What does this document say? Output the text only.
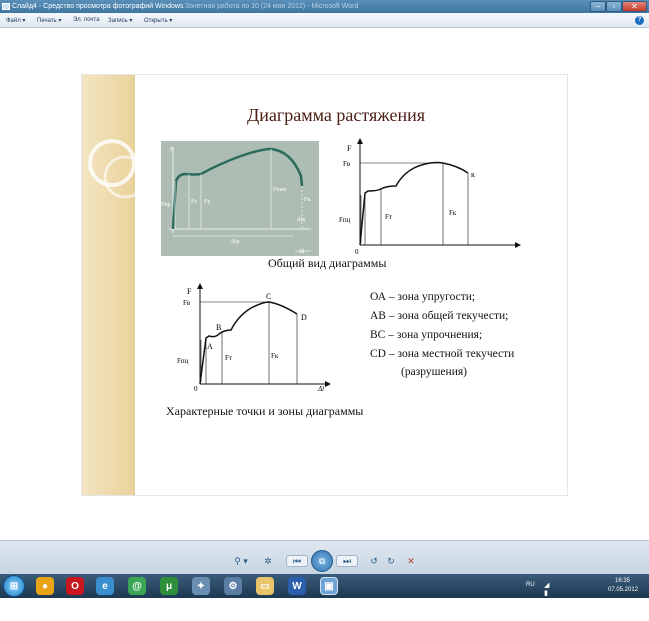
Слайд4 - Средство просмотра фотографий Windows Зачетная работа по 10 (24 мая 2012) - Microsoft Word	–	▫	✕
Файл ▾ Печать ▾ Эл. почта Запись ▾ Открыть ▾	?
Диаграмма растяжения
F
Fпр	Fе Fу
Fmax
Fк
Δlк
Δlр
Δl
F
Fв
к
Fпц	Fт	Fк
0
Общий вид диаграммы
F
Fв
A
B
C
D
Fпц	Fт	Fк
0	Δl
ОА – зона упругости;
АВ – зона общей текучести;
ВС – зона упрочнения;
СD – зона местной текучести
(разрушения)
Характерные точки и зоны диаграммы
⚲ ▾	✲	⏮	⧉	⏭	↺ ↻ ✕
⊞	●	O	e	@	μ	✦	⚙	▭	W	▣	RU ◢ ▮ ✉ ⚑ ◂)
16:35
07.05.2012
